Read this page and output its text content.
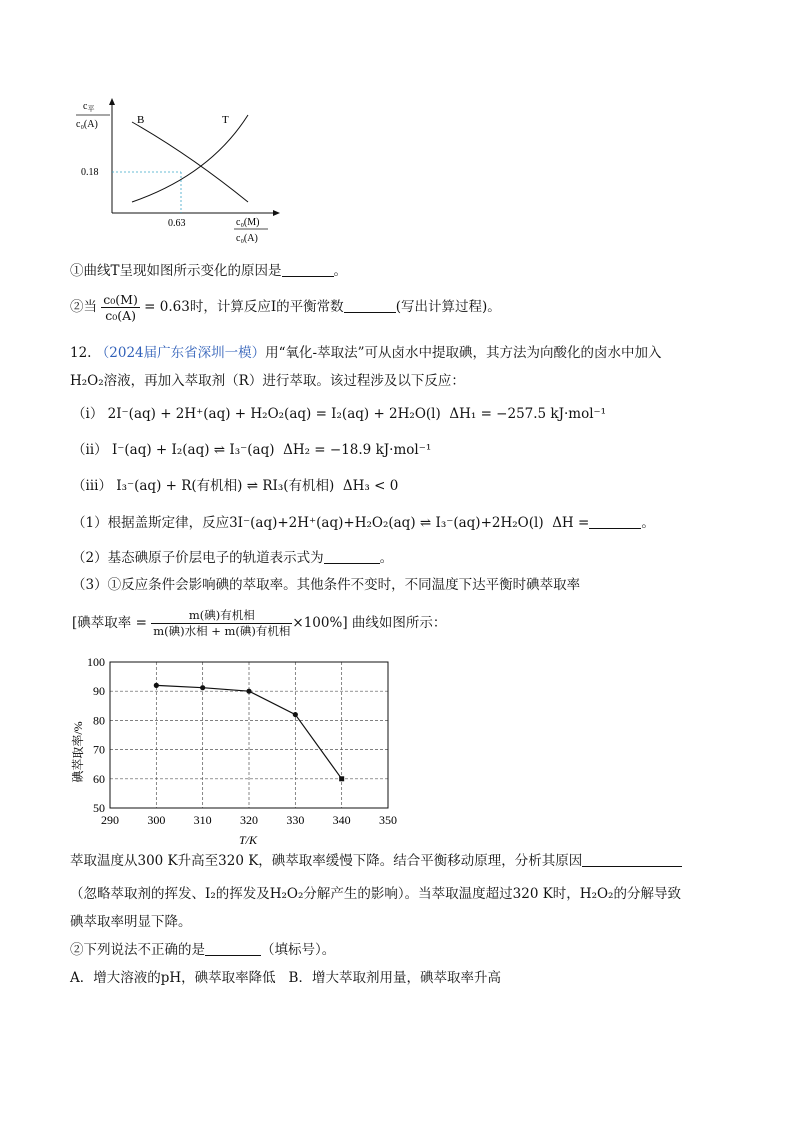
B	T
0.18
0.63
$c_平$
c₀(A)
c₀(M)
c₀(A)
①曲线T呈现如图所示变化的原因是	。
②当 $\frac{\text{c₀(M)}}{\text{c₀(A)}} = 0.63$时，计算反应I的平衡常数	(写出计算过程)。
12. （2024届广东省深圳一模）用“氧化-萃取法”可从卤水中提取碘，其方法为向酸化的卤水中加入
H₂O₂溶液，再加入萃取剂（R）进行萃取。该过程涉及以下反应：
（ⅰ） 2I⁻(aq) + 2H⁺(aq) + H₂O₂(aq) = I₂(aq) + 2H₂O(l) ΔH₁ = −257.5 kJ·mol⁻¹
（ⅱ） I⁻(aq) + I₂(aq) ⇌ I₃⁻(aq) ΔH₂ = −18.9 kJ·mol⁻¹
（ⅲ） I₃⁻(aq) + R(有机相) ⇌ RI₃(有机相) ΔH₃ < 0
（1）根据盖斯定律，反应3I⁻(aq)+2H⁺(aq)+H₂O₂(aq) ⇌ I₃⁻(aq)+2H₂O(l) ΔH =	。
（2）基态碘原子价层电子的轨道表示式为	。
（3）①反应条件会影响碘的萃取率。其他条件不变时，不同温度下达平衡时碘萃取率
[碘萃取率 = $\frac{\text{m(碘)有机相}}{\text{m(碘)水相 + m(碘)有机相}} \times 100\%$] 曲线如图所示：
290 300 310 320 330 340 350
50
60
70
80
90
100
碘萃取率/%
T/K
萃取温度从300 K升高至320 K，碘萃取率缓慢下降。结合平衡移动原理，分析其原因
（忽略萃取剂的挥发、I₂的挥发及H₂O₂分解产生的影响）。当萃取温度超过320 K时，H₂O₂的分解导致
碘萃取率明显下降。
②下列说法不正确的是	（填标号）。
A．增大溶液的pH，碘萃取率降低 B．增大萃取剂用量，碘萃取率升高
